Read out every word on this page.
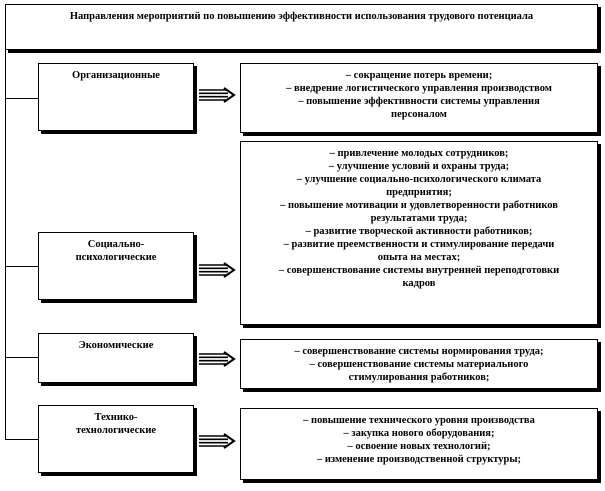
Направления мероприятий по повышению эффективности использования трудового потенциала
Организационные	– сокращение потерь времени;
– внедрение логистического управления производством
– повышение эффективности системы управления
персоналом
Социально-
психологические
– привлечение молодых сотрудников;
– улучшение условий и охраны труда;
– улучшение социально-психологического климата
предприятия;
– повышение мотивации и удовлетворенности работников
результатами труда;
– развитие творческой активности работников;
– развитие преемственности и стимулирование передачи
опыта на местах;
– совершенствование системы внутренней переподготовки
кадров
Экономические
– совершенствование системы нормирования труда;
– совершенствование системы материального
стимулирования работников;
Технико-
технологические
– повышение технического уровня производства
– закупка нового оборудования;
– освоение новых технологий;
– изменение производственной структуры;
